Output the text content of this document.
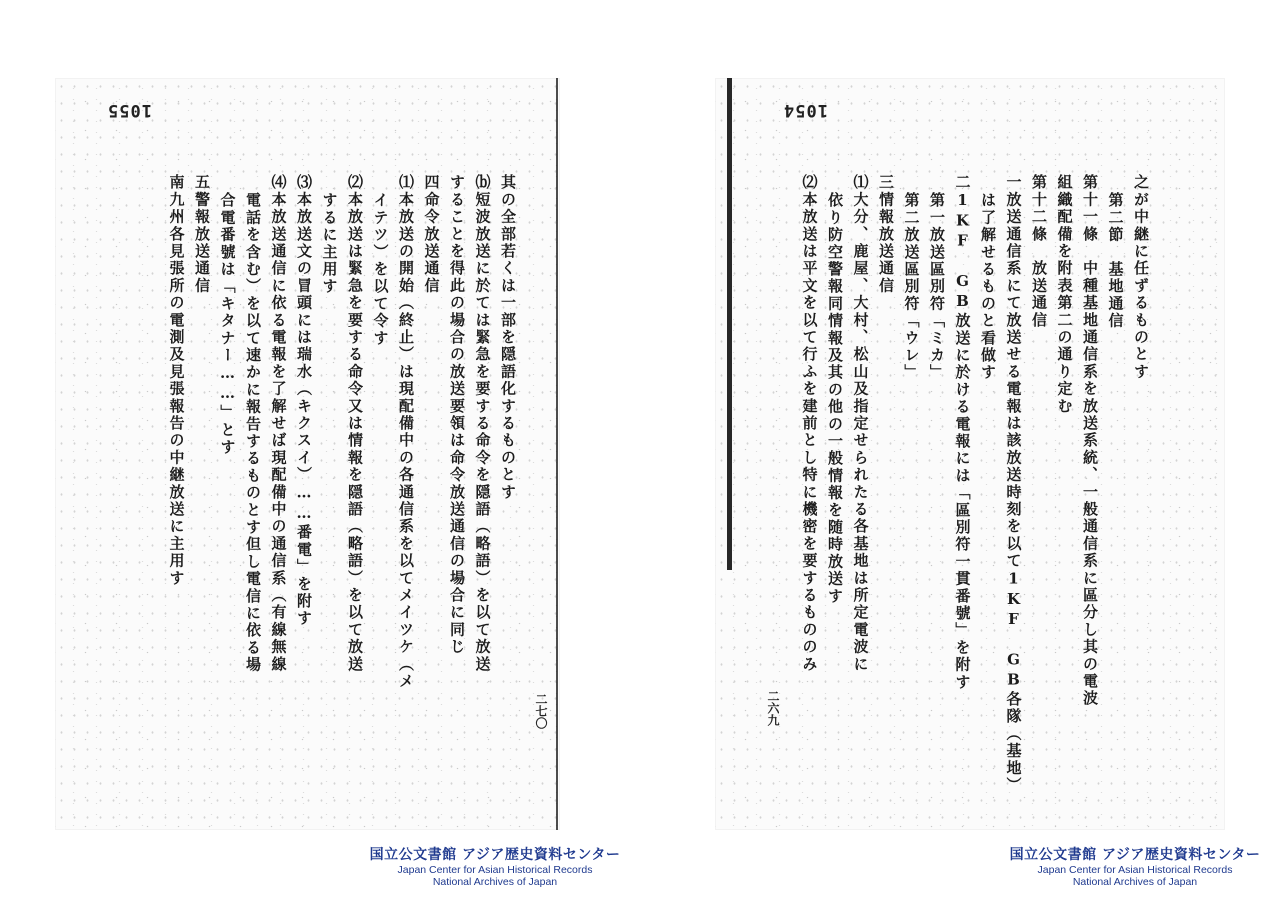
1055
其の全部若くは一部を隠語化するものとす
⒝短波放送に於ては緊急を要する命令を隠語（略語）を以て放送
することを得此の場合の放送要領は命令放送通信の場合に同じ
四命令放送通信
⑴本放送の開始（終止）は現配備中の各通信系を以てメイツケ（メ
イテツ）を以て令す
⑵本放送は緊急を要する命令又は情報を隠語（略語）を以て放送
するに主用す
⑶本放送文の冒頭には瑞水（キクスイ）……番電」を附す
⑷本放送通信に依る電報を了解せば現配備中の通信系（有線無線
電話を含む）を以て速かに報告するものとす但し電信に依る場
合電番號は「キタナー……」とす
五警報放送通信
南九州各見張所の電測及見張報告の中継放送に主用す
二七〇
1054
之が中継に任ずるものとす
第二節　基地通信
第十一條　中種基地通信系を放送系統、一般通信系に區分し其の電波
組織配備を附表第二の通り定む
第十二條　放送通信
一放送通信系にて放送せる電報は該放送時刻を以て1KF GB各隊（基地）
は了解せるものと看做す
二1KF GB放送に於ける電報には「區別符一貫番號」を附す
第一放送區別符「ミカ」
第二放送區別符「ウレ」
三情報放送通信
⑴大分、鹿屋、大村、松山及指定せられたる各基地は所定電波に
依り防空警報同情報及其の他の一般情報を随時放送す
⑵本放送は平文を以て行ふを建前とし特に機密を要するもののみ
二六九
国立公文書館 アジア歴史資料センター
Japan Center for Asian Historical Records
National Archives of Japan
国立公文書館 アジア歴史資料センター
Japan Center for Asian Historical Records
National Archives of Japan
